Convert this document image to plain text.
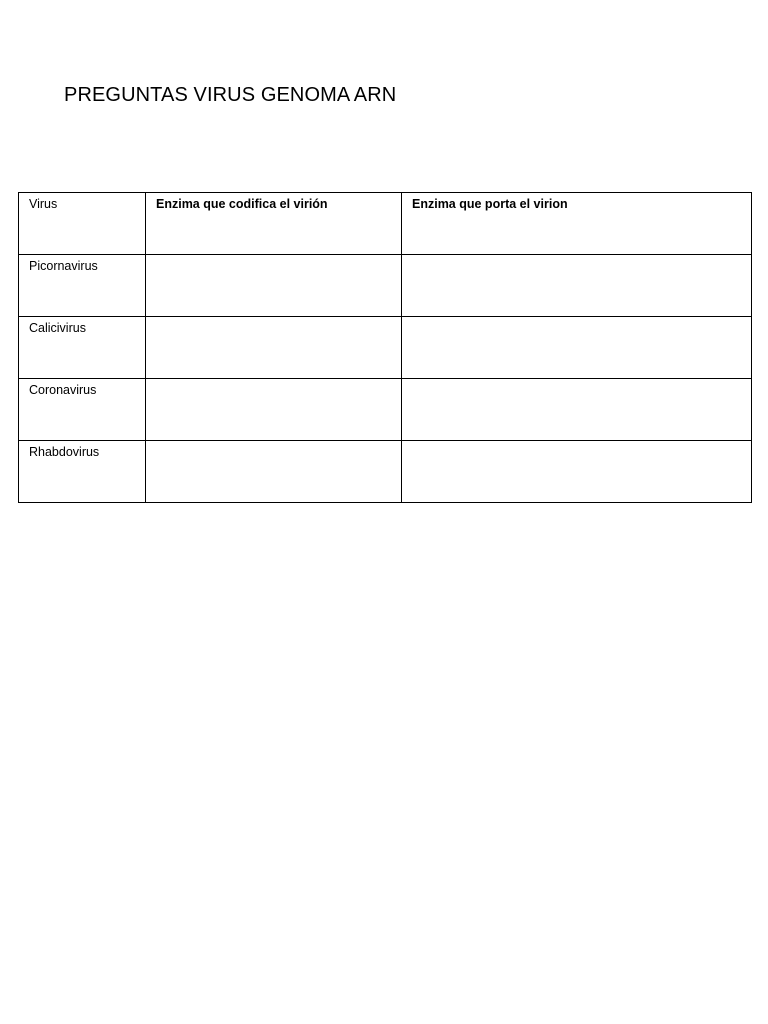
PREGUNTAS VIRUS GENOMA ARN
Virus	Enzima que codifica el virión	Enzima que porta el virion
Picornavirus		
Calicivirus		
Coronavirus		
Rhabdovirus		
